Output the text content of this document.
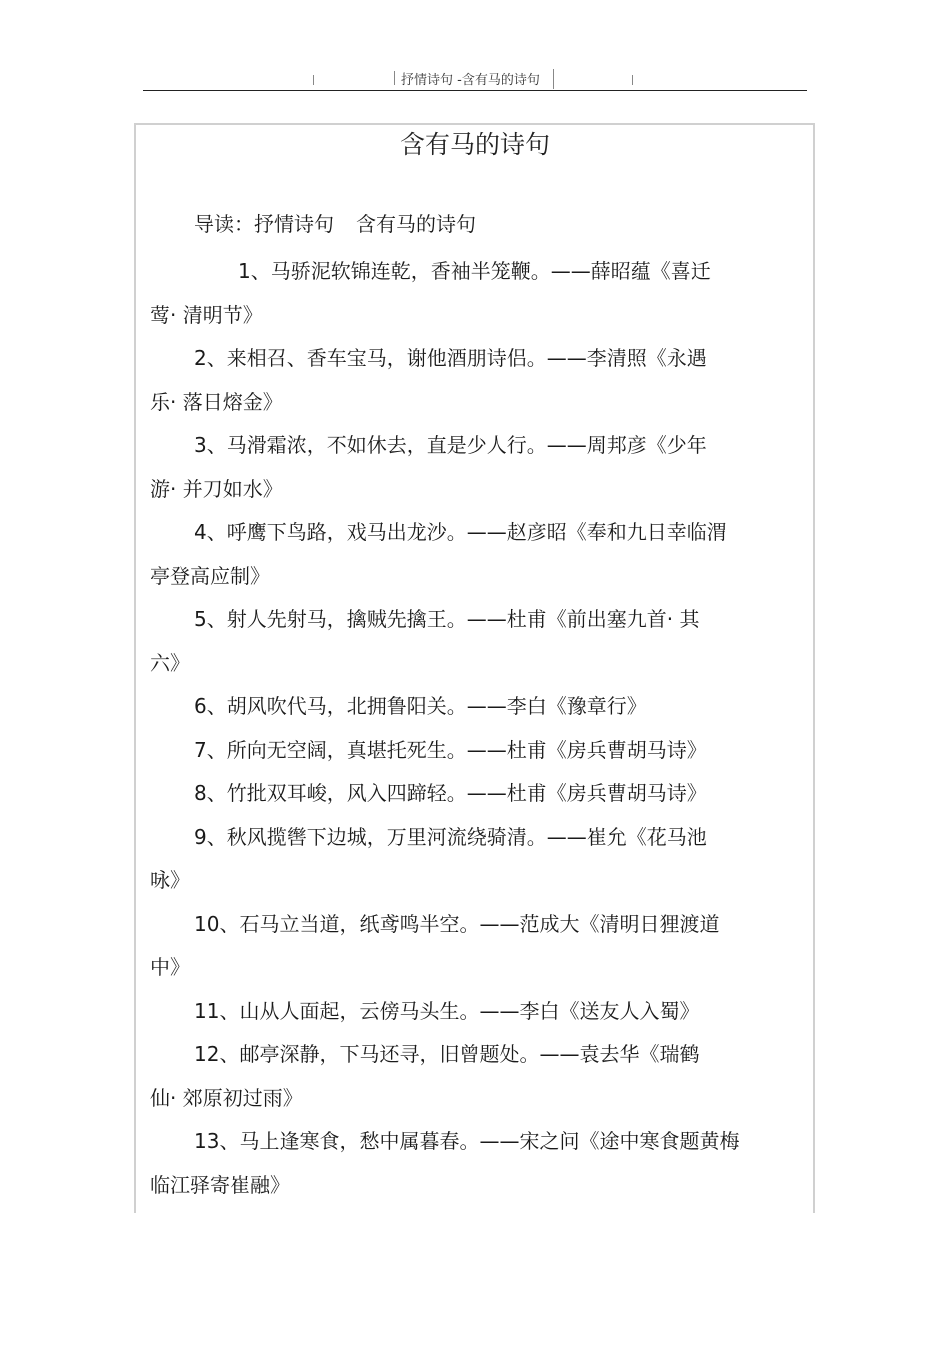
抒情诗句 -含有马的诗句
含有马的诗句
导读：抒情诗句 含有马的诗句
1、马骄泥软锦连乾，香袖半笼鞭。——薛昭蕴《喜迁
莺· 清明节》
2、来相召、香车宝马，谢他酒朋诗侣。——李清照《永遇
乐· 落日熔金》
3、马滑霜浓，不如休去，直是少人行。——周邦彦《少年
游· 并刀如水》
4、呼鹰下鸟路，戏马出龙沙。——赵彦昭《奉和九日幸临渭
亭登高应制》
5、射人先射马，擒贼先擒王。——杜甫《前出塞九首· 其
六》
6、胡风吹代马，北拥鲁阳关。——李白《豫章行》
7、所向无空阔，真堪托死生。——杜甫《房兵曹胡马诗》
8、竹批双耳峻，风入四蹄轻。——杜甫《房兵曹胡马诗》
9、秋风揽辔下边城，万里河流绕骑清。——崔允《花马池
咏》
10、石马立当道，纸鸢鸣半空。——范成大《清明日狸渡道
中》
11、山从人面起，云傍马头生。——李白《送友人入蜀》
12、邮亭深静，下马还寻，旧曾题处。——袁去华《瑞鹤
仙· 郊原初过雨》
13、马上逢寒食，愁中属暮春。——宋之问《途中寒食题黄梅
临江驿寄崔融》
